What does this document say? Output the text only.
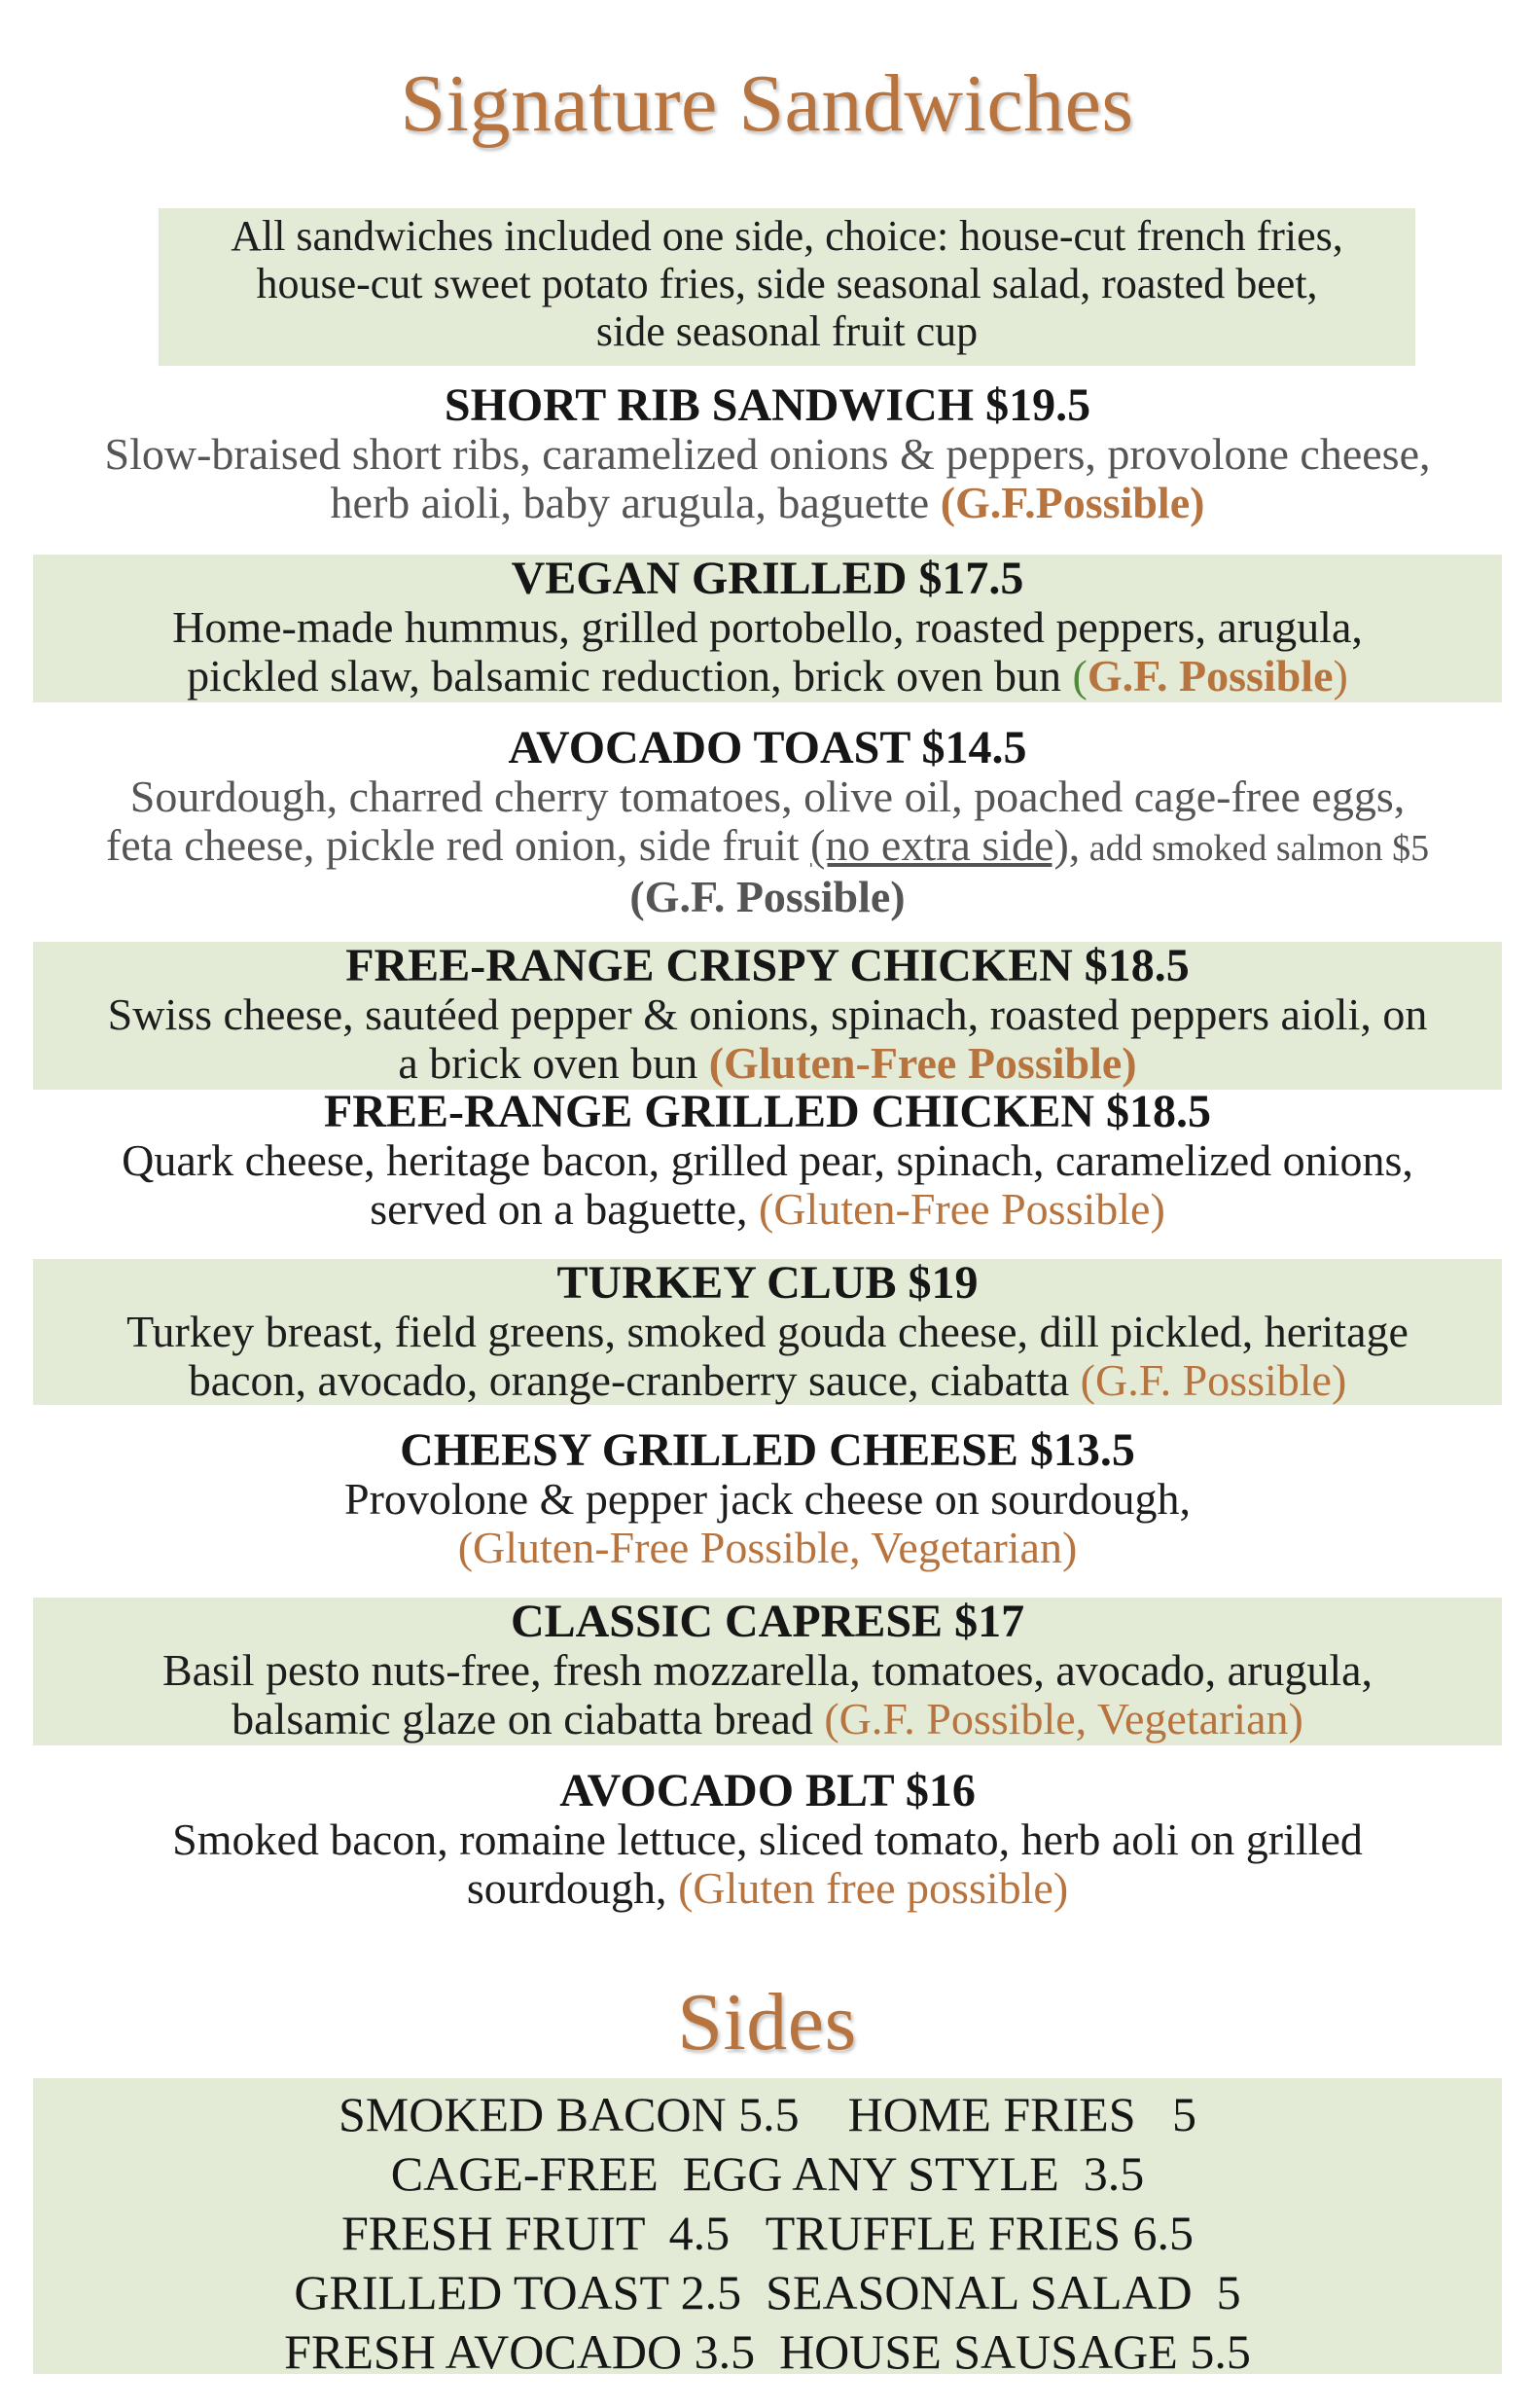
Signature Sandwiches
All sandwiches included one side, choice: house-cut french fries,
house-cut sweet potato fries, side seasonal salad, roasted beet,
side seasonal fruit cup
SHORT RIB SANDWICH $19.5
Slow-braised short ribs, caramelized onions & peppers, provolone cheese,
herb aioli, baby arugula, baguette (G.F.Possible)
VEGAN GRILLED $17.5
Home-made hummus, grilled portobello, roasted peppers, arugula,
pickled slaw, balsamic reduction, brick oven bun (G.F. Possible)
AVOCADO TOAST $14.5
Sourdough, charred cherry tomatoes, olive oil, poached cage-free eggs,
feta cheese, pickle red onion, side fruit (no extra side), add smoked salmon $5
(G.F. Possible)
FREE-RANGE CRISPY CHICKEN $18.5
Swiss cheese, sautéed pepper & onions, spinach, roasted peppers aioli, on
a brick oven bun (Gluten-Free Possible)
FREE-RANGE GRILLED CHICKEN $18.5
Quark cheese, heritage bacon, grilled pear, spinach, caramelized onions,
served on a baguette, (Gluten-Free Possible)
TURKEY CLUB $19
Turkey breast, field greens, smoked gouda cheese, dill pickled, heritage
bacon, avocado, orange-cranberry sauce, ciabatta (G.F. Possible)
CHEESY GRILLED CHEESE $13.5
Provolone & pepper jack cheese on sourdough,
(Gluten-Free Possible, Vegetarian)
CLASSIC CAPRESE $17
Basil pesto nuts-free, fresh mozzarella, tomatoes, avocado, arugula,
balsamic glaze on ciabatta bread (G.F. Possible, Vegetarian)
AVOCADO BLT $16
Smoked bacon, romaine lettuce, sliced tomato, herb aoli on grilled
sourdough, (Gluten free possible)
Sides
SMOKED BACON 5.5    HOME FRIES   5
CAGE-FREE  EGG ANY STYLE  3.5
FRESH FRUIT  4.5   TRUFFLE FRIES 6.5
GRILLED TOAST 2.5  SEASONAL SALAD  5
FRESH AVOCADO 3.5  HOUSE SAUSAGE 5.5
